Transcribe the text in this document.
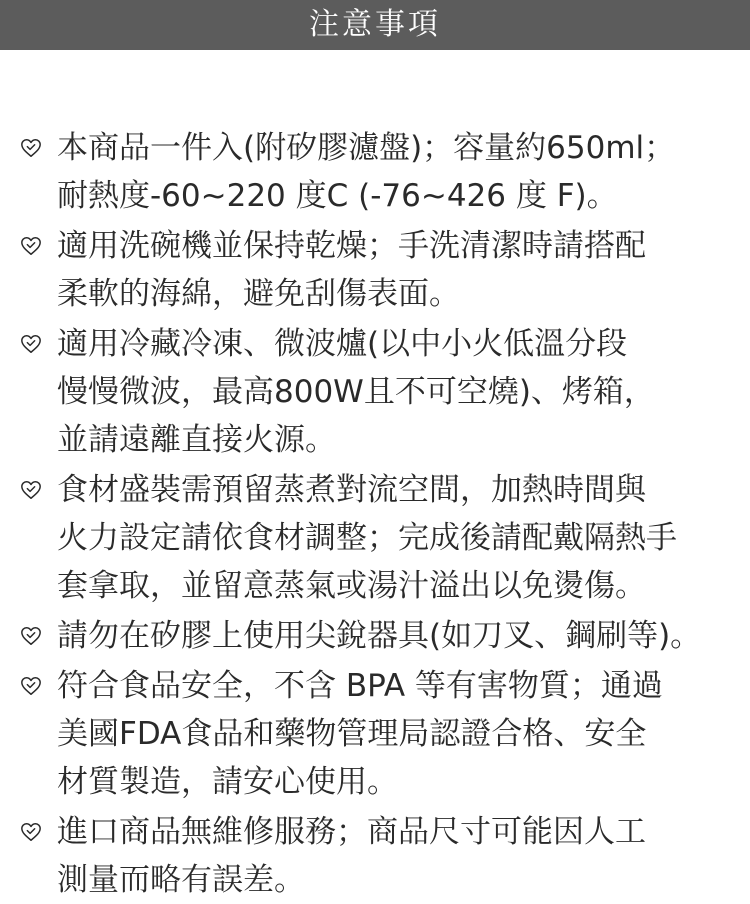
注意事項
本商品一件入(附矽膠濾盤)；容量約650ml；
耐熱度-60~220 度C (-76~426 度 F)。
適用洗碗機並保持乾燥；手洗清潔時請搭配
柔軟的海綿，避免刮傷表面。
適用冷藏冷凍、微波爐(以中小火低溫分段
慢慢微波，最高800W且不可空燒)、烤箱，
並請遠離直接火源。
食材盛裝需預留蒸煮對流空間，加熱時間與
火力設定請依食材調整；完成後請配戴隔熱手
套拿取，並留意蒸氣或湯汁溢出以免燙傷。
請勿在矽膠上使用尖銳器具(如刀叉、鋼刷等)。
符合食品安全，不含 BPA 等有害物質；通過
美國FDA食品和藥物管理局認證合格、安全
材質製造，請安心使用。
進口商品無維修服務；商品尺寸可能因人工
測量而略有誤差。
